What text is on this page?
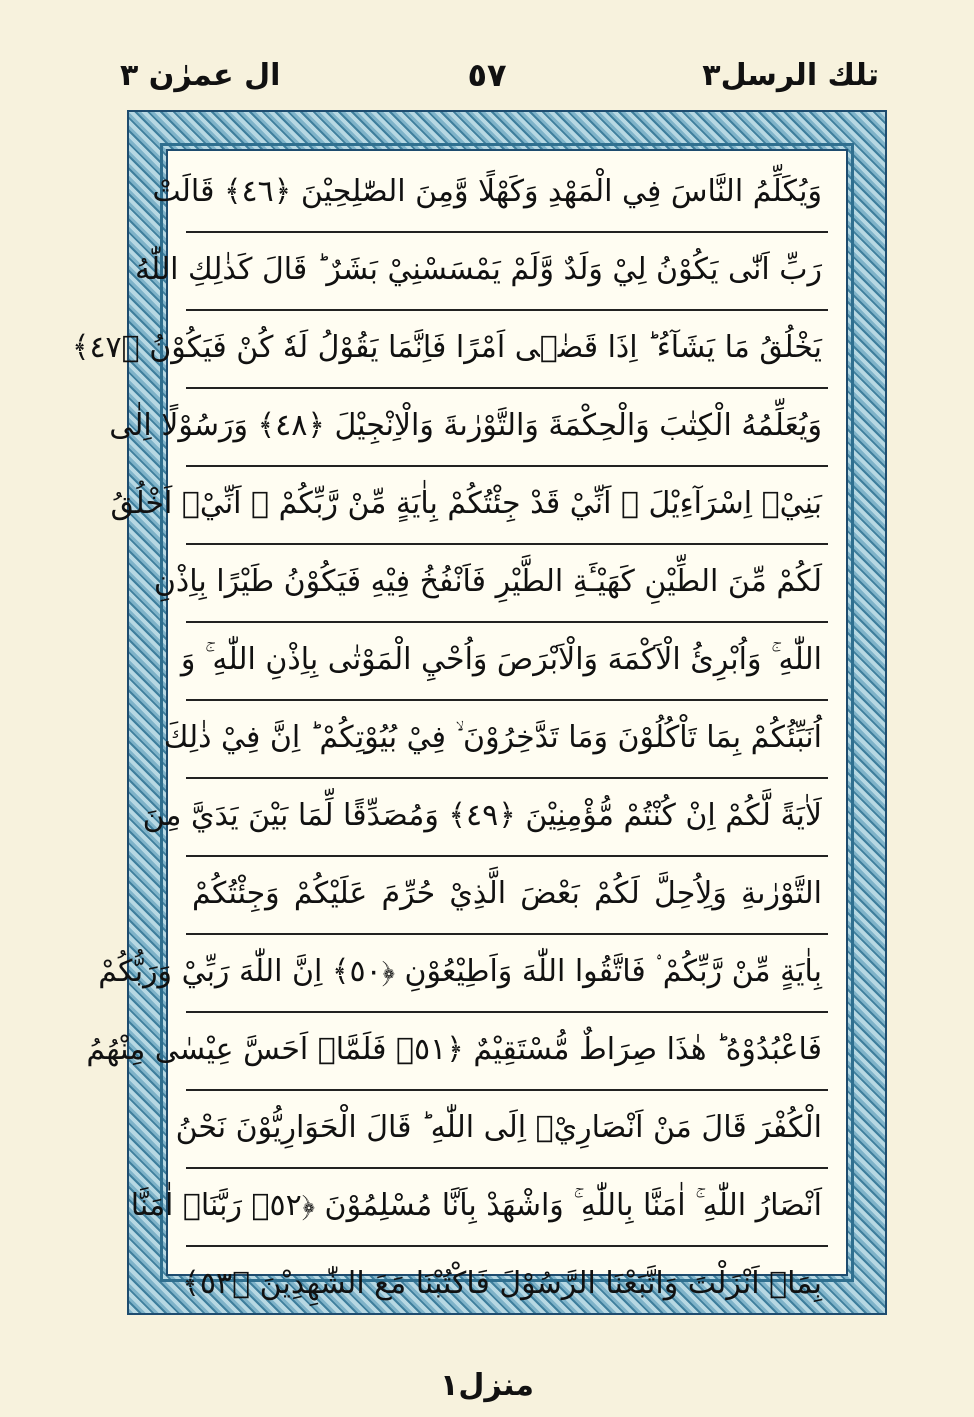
تلك الرسل٣
٥٧
ال عمرٰن ٣
وَيُكَلِّمُ النَّاسَ فِي الْمَهْدِ وَكَهْلًا وَّمِنَ الصّٰلِحِيْنَ ﴿٤٦﴾ قَالَتْ
رَبِّ اَنّٰى يَكُوْنُ لِيْ وَلَدٌ وَّلَمْ يَمْسَسْنِيْ بَشَرٌ ؕ قَالَ كَذٰلِكِ اللّٰهُ
يَخْلُقُ مَا يَشَآءُ ؕ اِذَا قَضٰۤى اَمْرًا فَاِنَّمَا يَقُوْلُ لَهٗ كُنْ فَيَكُوْنُ ﴿٤٧﴾
وَيُعَلِّمُهُ الْكِتٰبَ وَالْحِكْمَةَ وَالتَّوْرٰىةَ وَالْاِنْجِيْلَ ﴿٤٨﴾ وَرَسُوْلًا اِلٰى
بَنِيْۤ اِسْرَآءِيْلَ ۙ اَنِّيْ قَدْ جِئْتُكُمْ بِاٰيَةٍ مِّنْ رَّبِّكُمْ ۙ اَنِّيْۤ اَخْلُقُ
لَكُمْ مِّنَ الطِّيْنِ كَهَيْـَٔةِ الطَّيْرِ فَاَنْفُخُ فِيْهِ فَيَكُوْنُ طَيْرًا بِاِذْنِ
اللّٰهِ ۚ وَاُبْرِئُ الْاَكْمَهَ وَالْاَبْرَصَ وَاُحْيِ الْمَوْتٰى بِاِذْنِ اللّٰهِ ۚ وَ
اُنَبِّئُكُمْ بِمَا تَاْكُلُوْنَ وَمَا تَدَّخِرُوْنَ ۙ فِيْ بُيُوْتِكُمْ ؕ اِنَّ فِيْ ذٰلِكَ
لَاٰيَةً لَّكُمْ اِنْ كُنْتُمْ مُّؤْمِنِيْنَ ﴿٤٩﴾ وَمُصَدِّقًا لِّمَا بَيْنَ يَدَيَّ مِنَ
التَّوْرٰىةِ وَلِاُحِلَّ لَكُمْ بَعْضَ الَّذِيْ حُرِّمَ عَلَيْكُمْ وَجِئْتُكُمْ
بِاٰيَةٍ مِّنْ رَّبِّكُمْ ۟ فَاتَّقُوا اللّٰهَ وَاَطِيْعُوْنِ ﴿٥٠﴾ اِنَّ اللّٰهَ رَبِّيْ وَرَبُّكُمْ
فَاعْبُدُوْهُ ؕ هٰذَا صِرَاطٌ مُّسْتَقِيْمٌ ﴿٥١﴾ فَلَمَّاۤ اَحَسَّ عِيْسٰى مِنْهُمُ
الْكُفْرَ قَالَ مَنْ اَنْصَارِيْۤ اِلَى اللّٰهِ ؕ قَالَ الْحَوَارِيُّوْنَ نَحْنُ
اَنْصَارُ اللّٰهِ ۚ اٰمَنَّا بِاللّٰهِ ۚ وَاشْهَدْ بِاَنَّا مُسْلِمُوْنَ ﴿٥٢﴾ رَبَّنَاۤ اٰمَنَّا
بِمَاۤ اَنْزَلْتَ وَاتَّبَعْنَا الرَّسُوْلَ فَاكْتُبْنَا مَعَ الشّٰهِدِيْنَ ﴿٥٣﴾
منزل١
